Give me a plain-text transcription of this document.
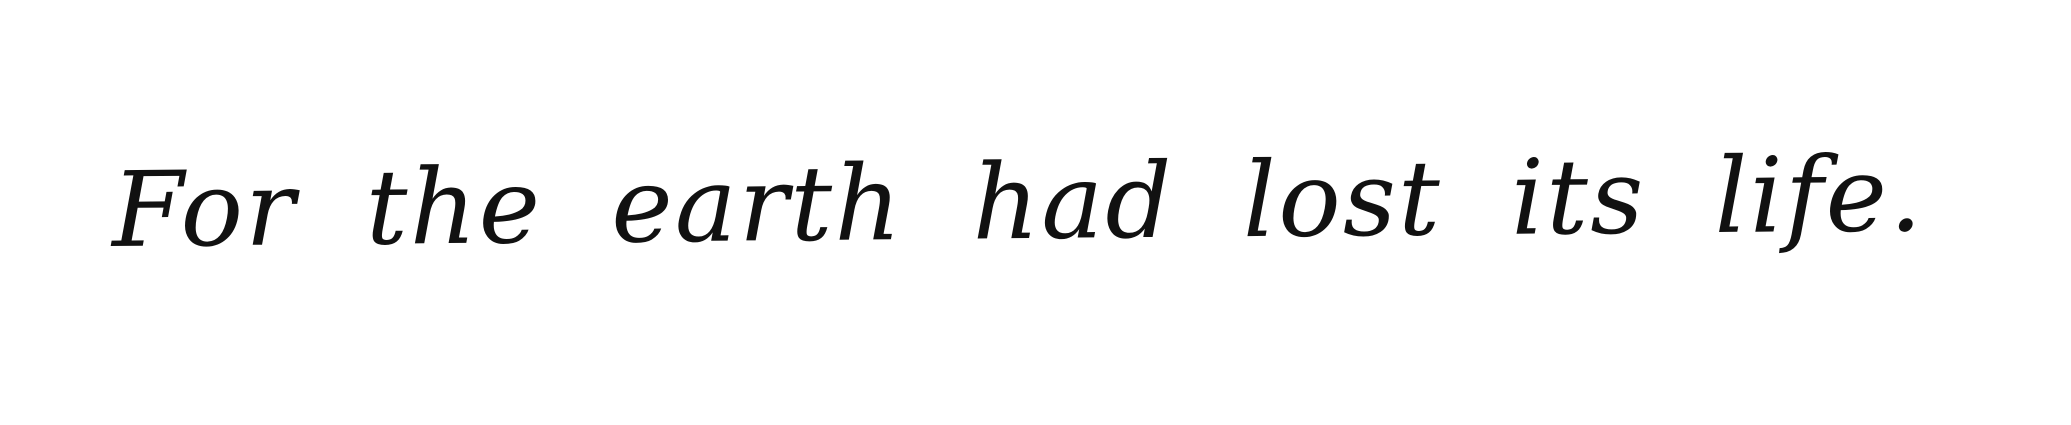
For the earth had lost its life.
